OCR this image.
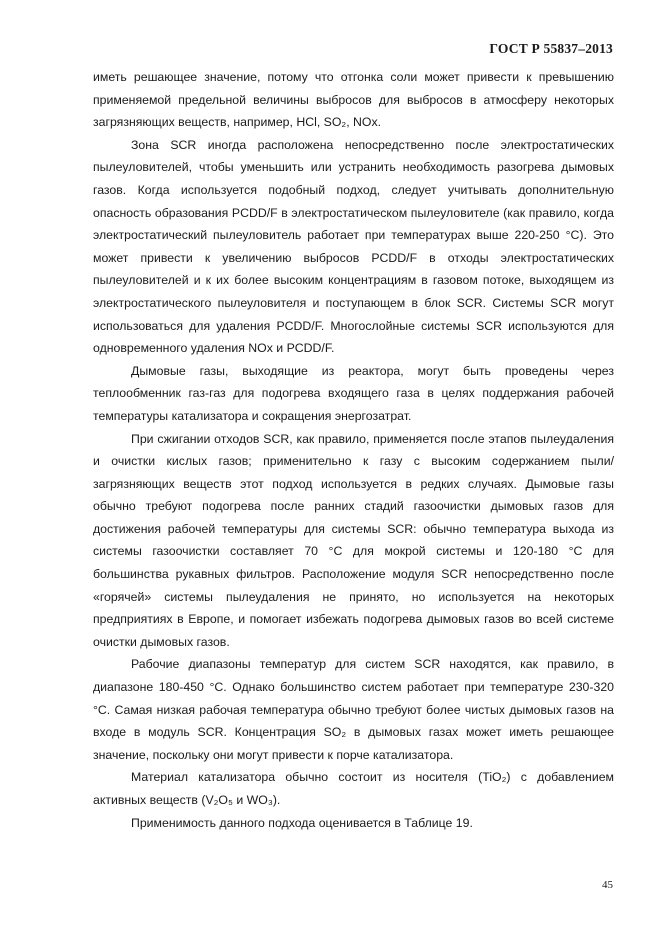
ГОСТ Р 55837–2013

иметь решающее значение, потому что отгонка соли может привести к превышению применяемой предельной величины выбросов для выбросов в атмосферу некоторых загрязняющих веществ, например, HCl, SO₂, NOx.

Зона SCR иногда расположена непосредственно после электростатических пылеуловителей, чтобы уменьшить или устранить необходимость разогрева дымовых газов. Когда используется подобный подход, следует учитывать дополнительную опасность образования PCDD/F в электростатическом пылеуловителе (как правило, когда электростатический пылеуловитель работает при температурах выше 220-250 °C). Это может привести к увеличению выбросов PCDD/F в отходы электростатических пылеуловителей и к их более высоким концентрациям в газовом потоке, выходящем из электростатического пылеуловителя и поступающем в блок SCR. Системы SCR могут использоваться для удаления PCDD/F. Многослойные системы SCR используются для одновременного удаления NOx и PCDD/F.

Дымовые газы, выходящие из реактора, могут быть проведены через теплообменник газ-газ для подогрева входящего газа в целях поддержания рабочей температуры катализатора и сокращения энергозатрат.

При сжигании отходов SCR, как правило, применяется после этапов пылеудаления и очистки кислых газов; применительно к газу с высоким содержанием пыли/загрязняющих веществ этот подход используется в редких случаях. Дымовые газы обычно требуют подогрева после ранних стадий газоочистки дымовых газов для достижения рабочей температуры для системы SCR: обычно температура выхода из системы газоочистки составляет 70 °C для мокрой системы и 120-180 °C для большинства рукавных фильтров. Расположение модуля SCR непосредственно после «горячей» системы пылеудаления не принято, но используется на некоторых предприятиях в Европе, и помогает избежать подогрева дымовых газов во всей системе очистки дымовых газов.

Рабочие диапазоны температур для систем SCR находятся, как правило, в диапазоне 180-450 °C. Однако большинство систем работает при температуре 230-320 °C. Самая низкая рабочая температура обычно требуют более чистых дымовых газов на входе в модуль SCR. Концентрация SO₂ в дымовых газах может иметь решающее значение, поскольку они могут привести к порче катализатора.

Материал катализатора обычно состоит из носителя (TiO₂) с добавлением активных веществ (V₂O₅ и WO₃).

Применимость данного подхода оценивается в Таблице 19.

45
